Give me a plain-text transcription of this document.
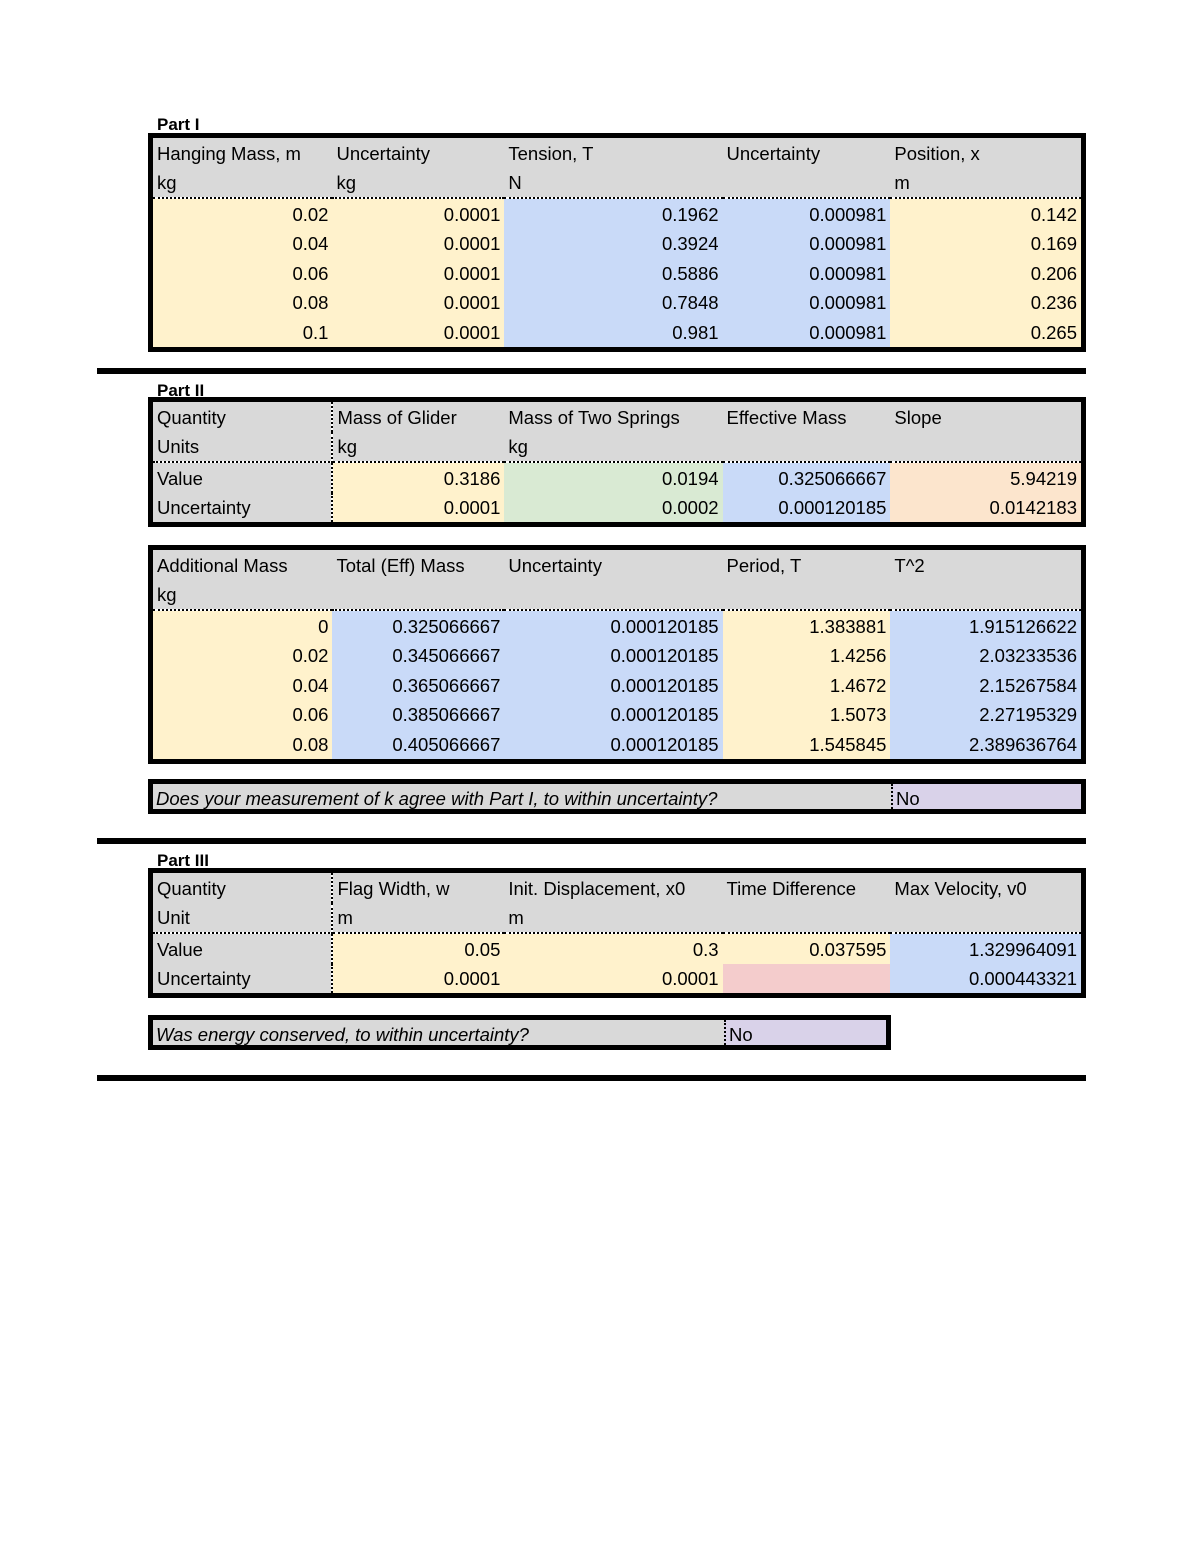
Part I
Hanging Mass, m	Uncertainty	Tension, T	Uncertainty	Position, x
kg	kg	N		m
0.02	0.0001	0.1962	0.000981	0.142
0.04	0.0001	0.3924	0.000981	0.169
0.06	0.0001	0.5886	0.000981	0.206
0.08	0.0001	0.7848	0.000981	0.236
0.1	0.0001	0.981	0.000981	0.265
Part II
Quantity	Mass of Glider	Mass of Two Springs	Effective Mass	Slope
Units	kg	kg		
Value	0.3186	0.0194	0.325066667	5.94219
Uncertainty	0.0001	0.0002	0.000120185	0.0142183
Additional Mass	Total (Eff) Mass	Uncertainty	Period, T	T^2
kg				
0	0.325066667	0.000120185	1.383881	1.915126622
0.02	0.345066667	0.000120185	1.4256	2.03233536
0.04	0.365066667	0.000120185	1.4672	2.15267584
0.06	0.385066667	0.000120185	1.5073	2.27195329
0.08	0.405066667	0.000120185	1.545845	2.389636764
Does your measurement of k agree with Part I, to within uncertainty?	No
Part III
Quantity	Flag Width, w	Init. Displacement, x0	Time Difference	Max Velocity, v0
Unit	m	m		
Value	0.05	0.3	0.037595	1.329964091
Uncertainty	0.0001	0.0001		0.000443321
Was energy conserved, to within uncertainty?	No
